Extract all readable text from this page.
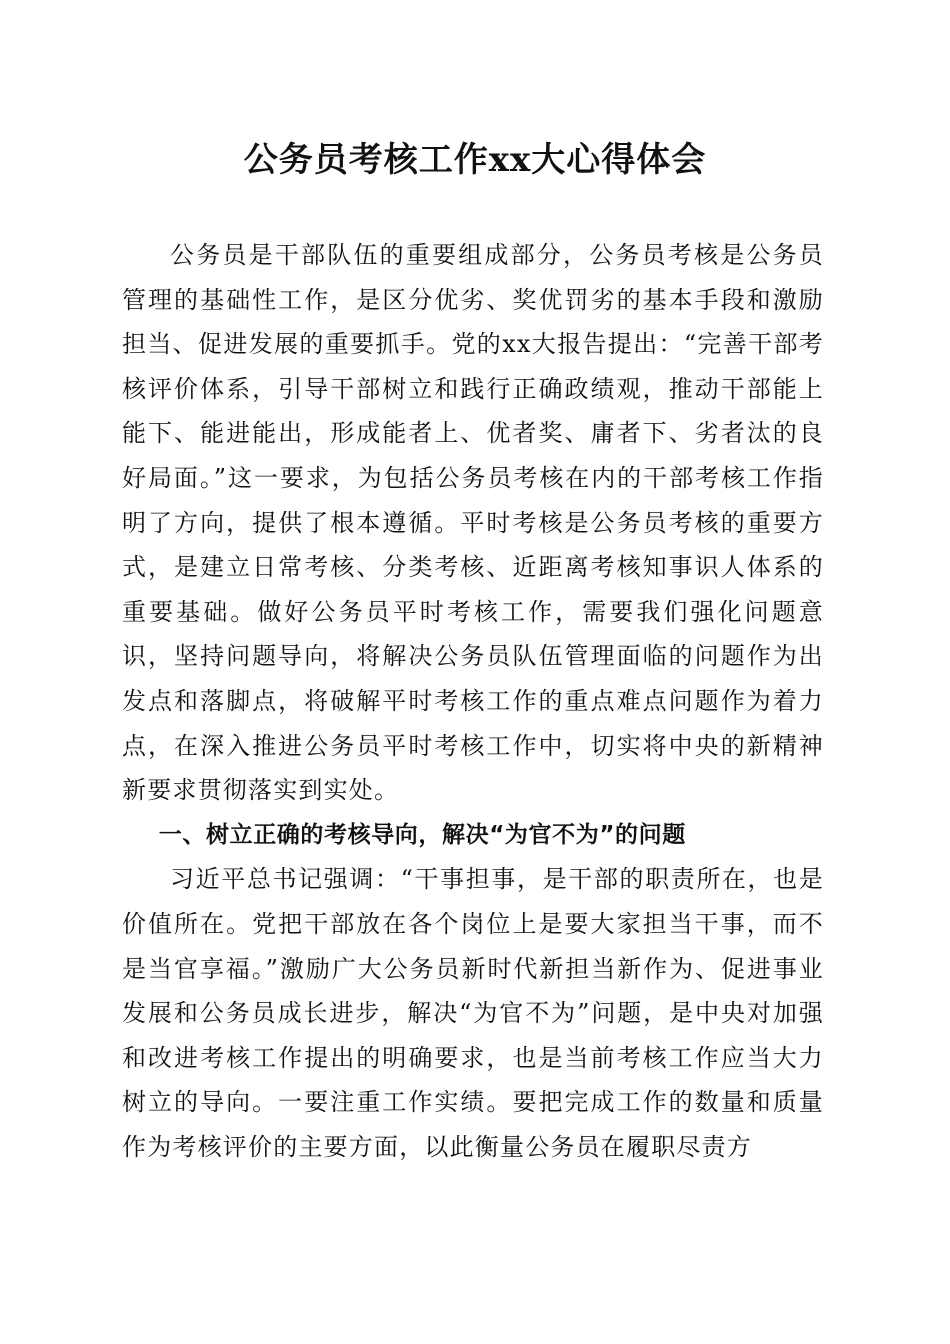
公务员考核工作xx大心得体会

公务员是干部队伍的重要组成部分，公务员考核是公务员管理的基础性工作，是区分优劣、奖优罚劣的基本手段和激励担当、促进发展的重要抓手。党的xx大报告提出：“完善干部考核评价体系，引导干部树立和践行正确政绩观，推动干部能上能下、能进能出，形成能者上、优者奖、庸者下、劣者汰的良好局面。”这一要求，为包括公务员考核在内的干部考核工作指明了方向，提供了根本遵循。平时考核是公务员考核的重要方式，是建立日常考核、分类考核、近距离考核知事识人体系的重要基础。做好公务员平时考核工作，需要我们强化问题意识，坚持问题导向，将解决公务员队伍管理面临的问题作为出发点和落脚点，将破解平时考核工作的重点难点问题作为着力点，在深入推进公务员平时考核工作中，切实将中央的新精神新要求贯彻落实到实处。

一、树立正确的考核导向，解决“为官不为”的问题

习近平总书记强调：“干事担事，是干部的职责所在，也是价值所在。党把干部放在各个岗位上是要大家担当干事，而不是当官享福。”激励广大公务员新时代新担当新作为、促进事业发展和公务员成长进步，解决“为官不为”问题，是中央对加强和改进考核工作提出的明确要求，也是当前考核工作应当大力树立的导向。一要注重工作实绩。要把完成工作的数量和质量作为考核评价的主要方面，以此衡量公务员在履职尽责方
